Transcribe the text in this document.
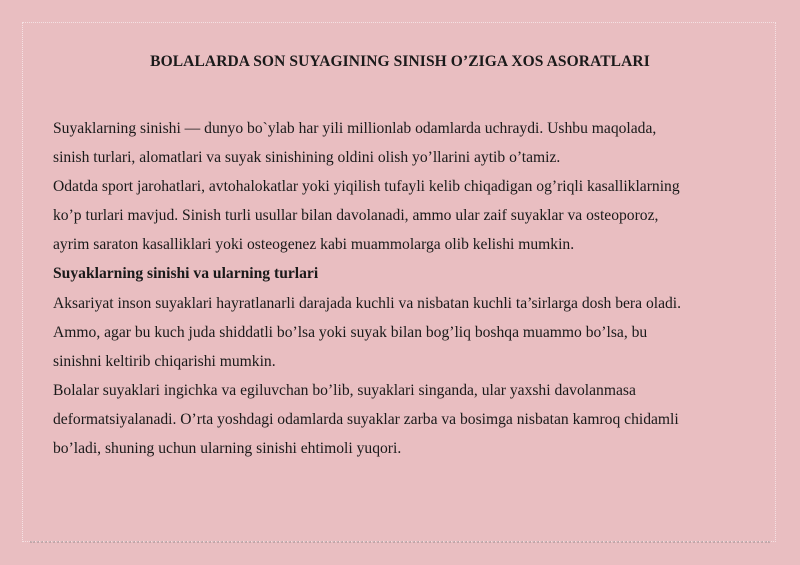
BOLALARDA SON SUYAGINING SINISH O’ZIGA XOS ASORATLARI
Suyaklarning sinishi — dunyo bo`ylab har yili millionlab odamlarda uchraydi. Ushbu maqolada,
sinish turlari, alomatlari va suyak sinishining oldini olish yo’llarini aytib o’tamiz.
Odatda sport jarohatlari, avtohalokatlar yoki yiqilish tufayli kelib chiqadigan og’riqli kasalliklarning
ko’p turlari mavjud. Sinish turli usullar bilan davolanadi, ammo ular zaif suyaklar va osteoporoz,
ayrim saraton kasalliklari yoki osteogenez kabi muammolarga olib kelishi mumkin.
Suyaklarning sinishi va ularning turlari
Aksariyat inson suyaklari hayratlanarli darajada kuchli va nisbatan kuchli ta’sirlarga dosh bera oladi.
Ammo, agar bu kuch juda shiddatli bo’lsa yoki suyak bilan bog’liq boshqa muammo bo’lsa, bu
sinishni keltirib chiqarishi mumkin.
Bolalar suyaklari ingichka va egiluvchan bo’lib, suyaklari singanda, ular yaxshi davolanmasa
deformatsiyalanadi. O’rta yoshdagi odamlarda suyaklar zarba va bosimga nisbatan kamroq chidamli
bo’ladi, shuning uchun ularning sinishi ehtimoli yuqori.
